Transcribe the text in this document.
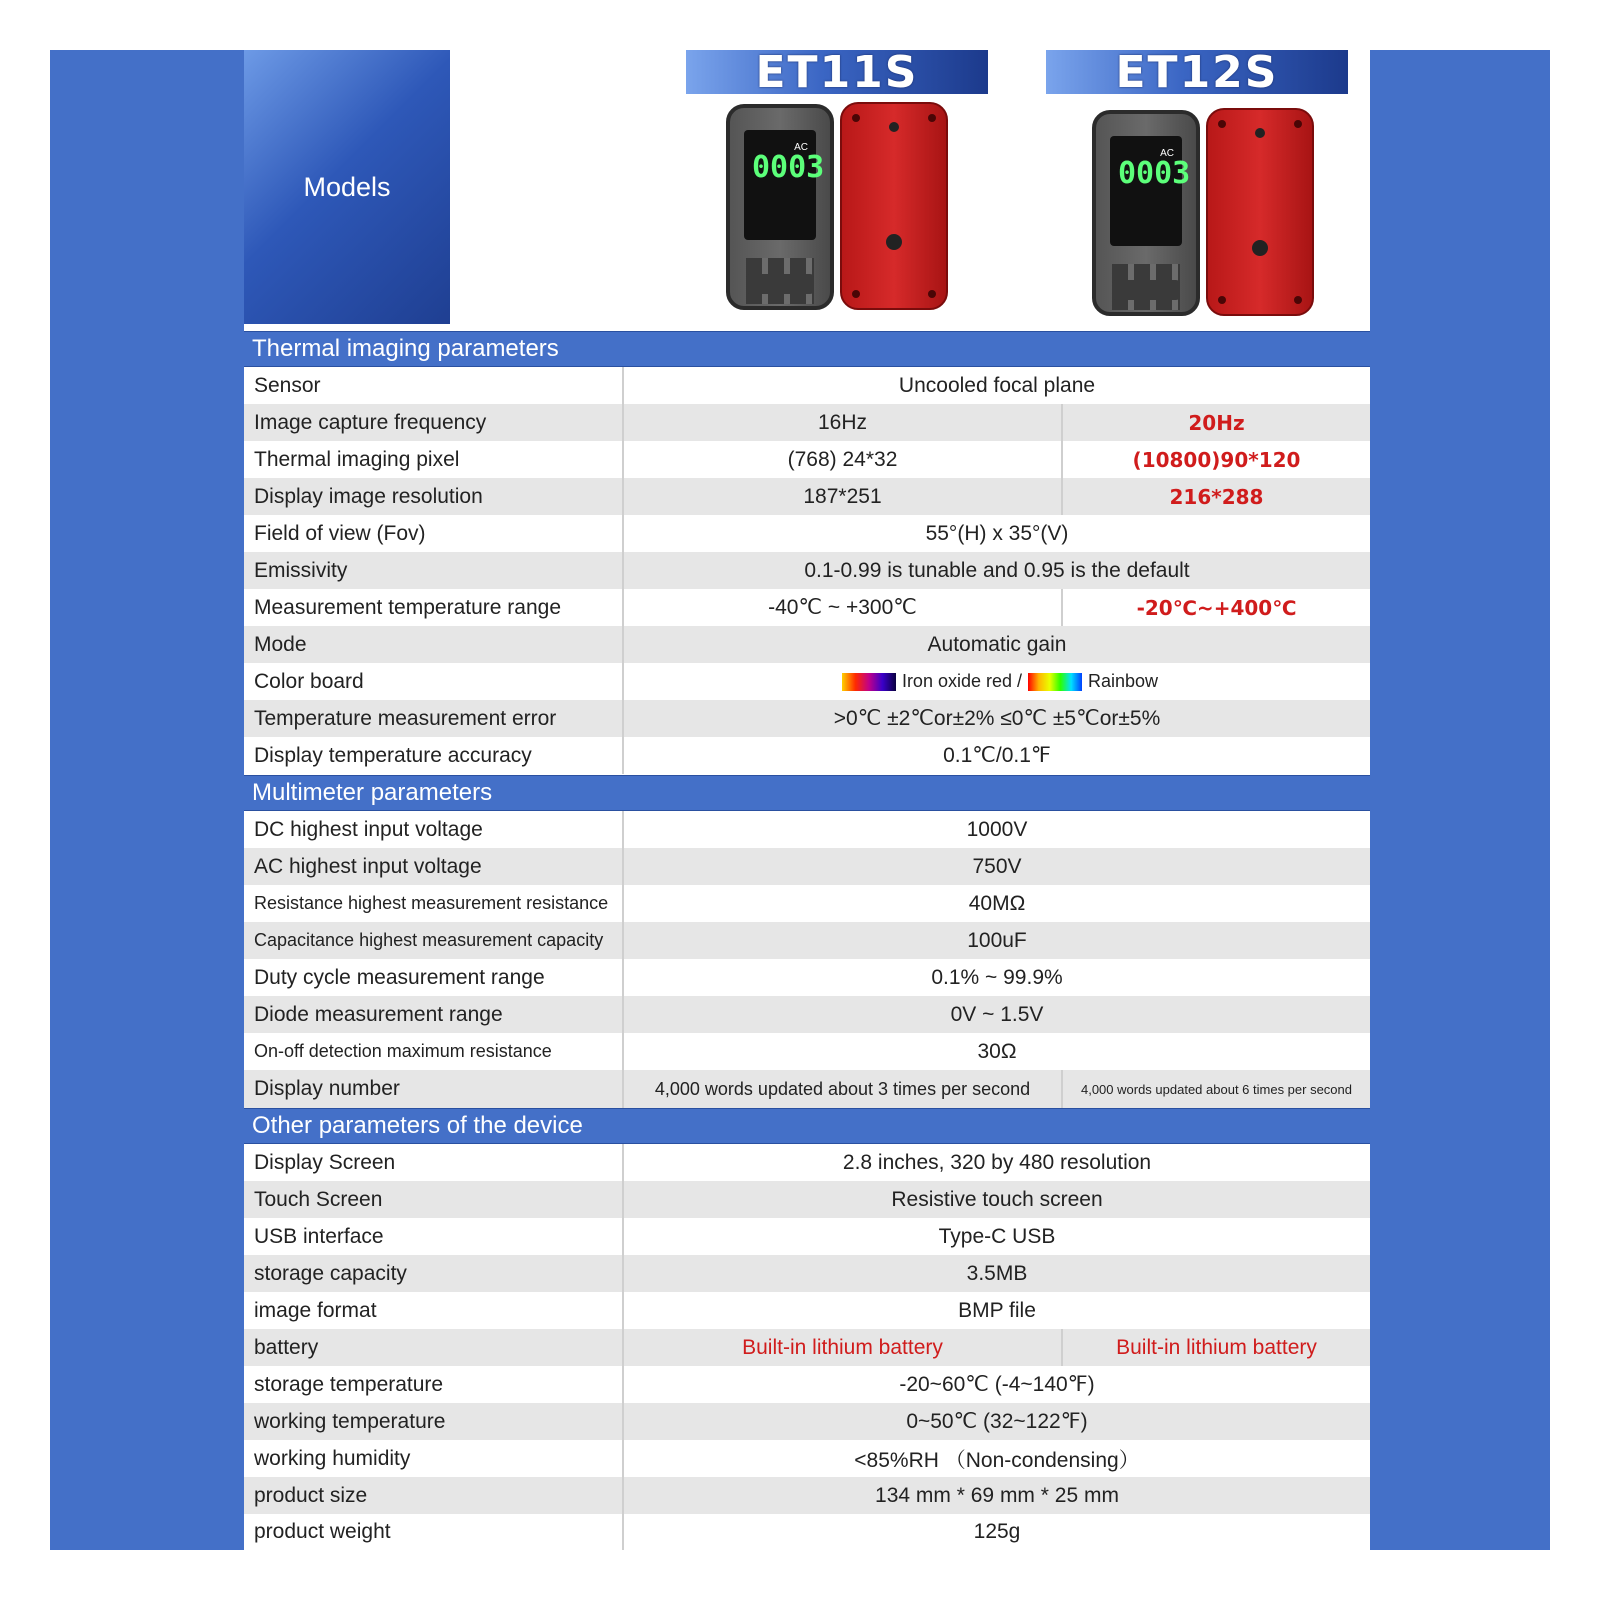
Models
ET11S	ET12S
0003
AC
0003
AC
Thermal imaging parameters
Sensor	Uncooled focal plane
Image capture frequency	16Hz	20Hz
Thermal imaging pixel	(768) 24*32	(10800)90*120
Display image resolution	187*251	216*288
Field of view (Fov)	55°(H) x 35°(V)
Emissivity	0.1-0.99 is tunable and 0.95 is the default
Measurement temperature range	-40℃ ~ +300℃	-20℃~+400℃
Mode	Automatic gain
Color board	Iron oxide red /	Rainbow
Temperature measurement error	>0℃ ±2℃or±2% ≤0℃ ±5℃or±5%
Display temperature accuracy	0.1℃/0.1℉
Multimeter parameters
DC highest input voltage	1000V
AC highest input voltage	750V
Resistance highest measurement resistance	40MΩ
Capacitance highest measurement capacity	100uF
Duty cycle measurement range	0.1% ~ 99.9%
Diode measurement range	0V ~ 1.5V
On-off detection maximum resistance	30Ω
Display number	4,000 words updated about 3 times per second	4,000 words updated about 6 times per second
Other parameters of the device
Display Screen	2.8 inches, 320 by 480 resolution
Touch Screen	Resistive touch screen
USB interface	Type-C USB
storage capacity	3.5MB
image format	BMP file
battery	Built-in lithium battery	Built-in lithium battery
storage temperature	-20~60℃ (-4~140℉)
working temperature	0~50℃ (32~122℉)
working humidity	<85%RH （Non-condensing）
product size	134 mm * 69 mm * 25 mm
product weight	125g
